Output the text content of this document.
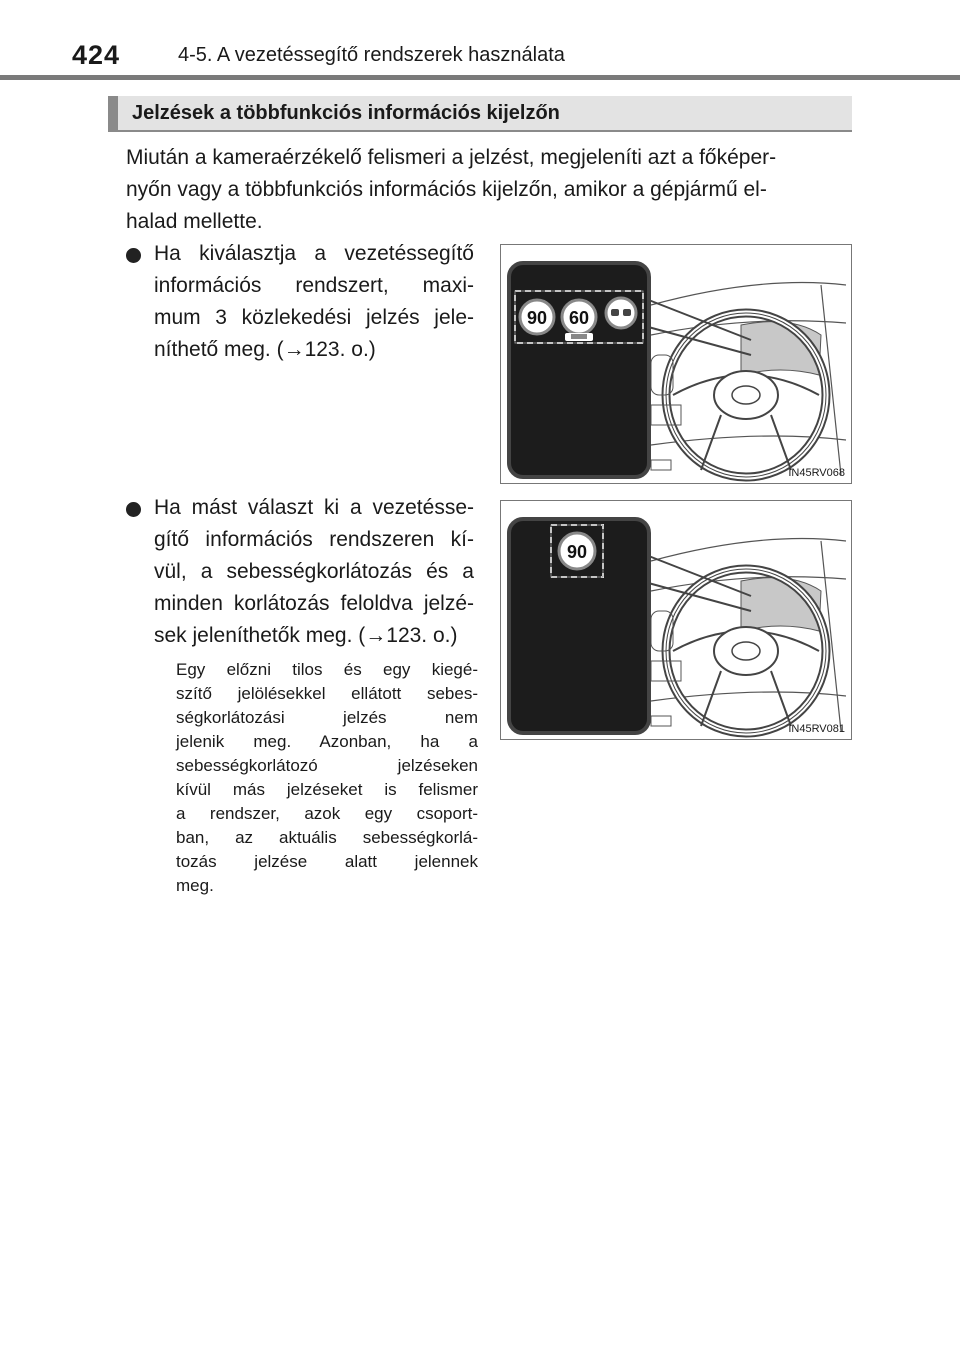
424	4-5. A vezetéssegítő rendszerek használata
Jelzések a többfunkciós információs kijelzőn
Miután a kameraérzékelő felismeri a jelzést, megjeleníti azt a főképer-
nyőn vagy a többfunkciós információs kijelzőn, amikor a gépjármű el-
halad mellette.
Ha kiválasztja a vezetéssegítő
információs rendszert, maxi-
mum 3 közlekedési jelzés jele-
níthető meg. (→123. o.)
Ha mást választ ki a vezetésse-
gítő információs rendszeren kí-
vül, a sebességkorlátozás és a
minden korlátozás feloldva jelzé-
sek jeleníthetők meg. (→123. o.)
Egy előzni tilos és egy kiegé-
szítő jelölésekkel ellátott sebes-
ségkorlátozási jelzés nem
jelenik meg. Azonban, ha a
sebességkorlátozó jelzéseken
kívül más jelzéseket is felismer
a rendszer, azok egy csoport-
ban, az aktuális sebességkorlá-
tozás jelzése alatt jelennek
meg.
90 60
IN45RV068
90
IN45RV081
